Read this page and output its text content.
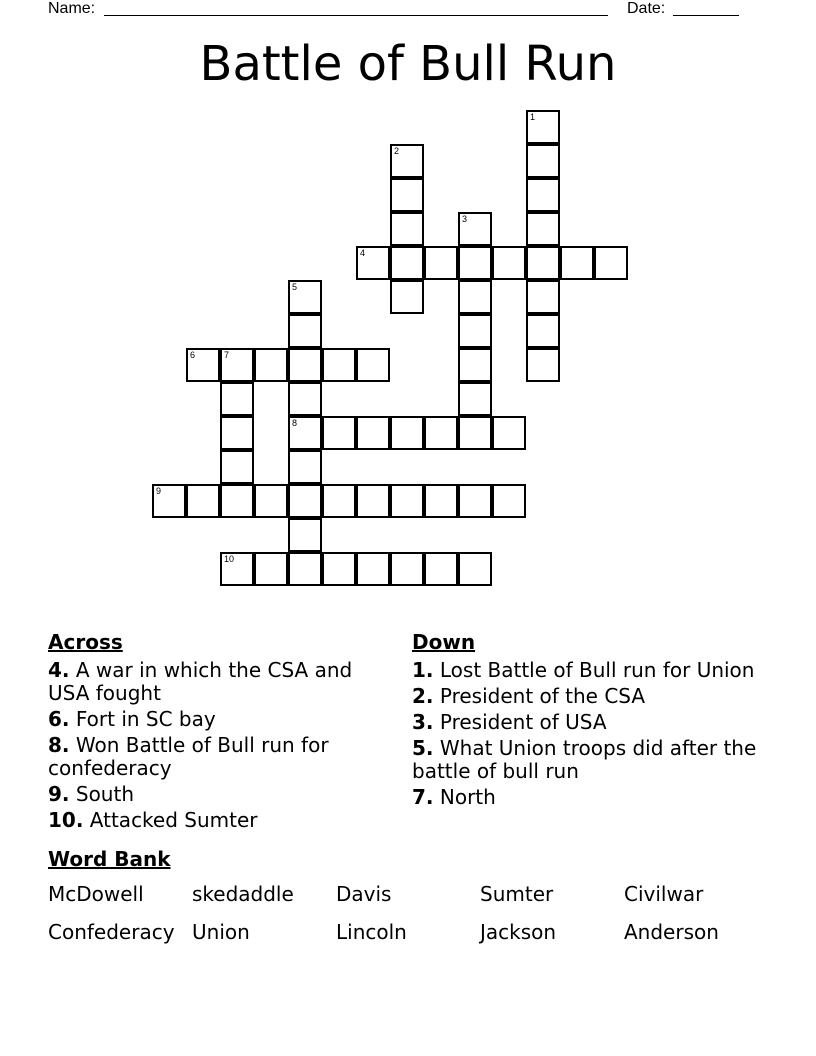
Name:	Date:
Battle of Bull Run
1
2
3
4
5
8
6	7
9
10
Across	Down
4. A war in which the CSA and USA fought
6. Fort in SC bay
8. Won Battle of Bull run for confederacy
9. South
10. Attacked Sumter
1. Lost Battle of Bull run for Union
2. President of the CSA
3. President of USA
5. What Union troops did after the battle of bull run
7. North
Word Bank
McDowell skedaddle Davis	Sumter	Civilwar
Confederacy Union	Lincoln	Jackson	Anderson
